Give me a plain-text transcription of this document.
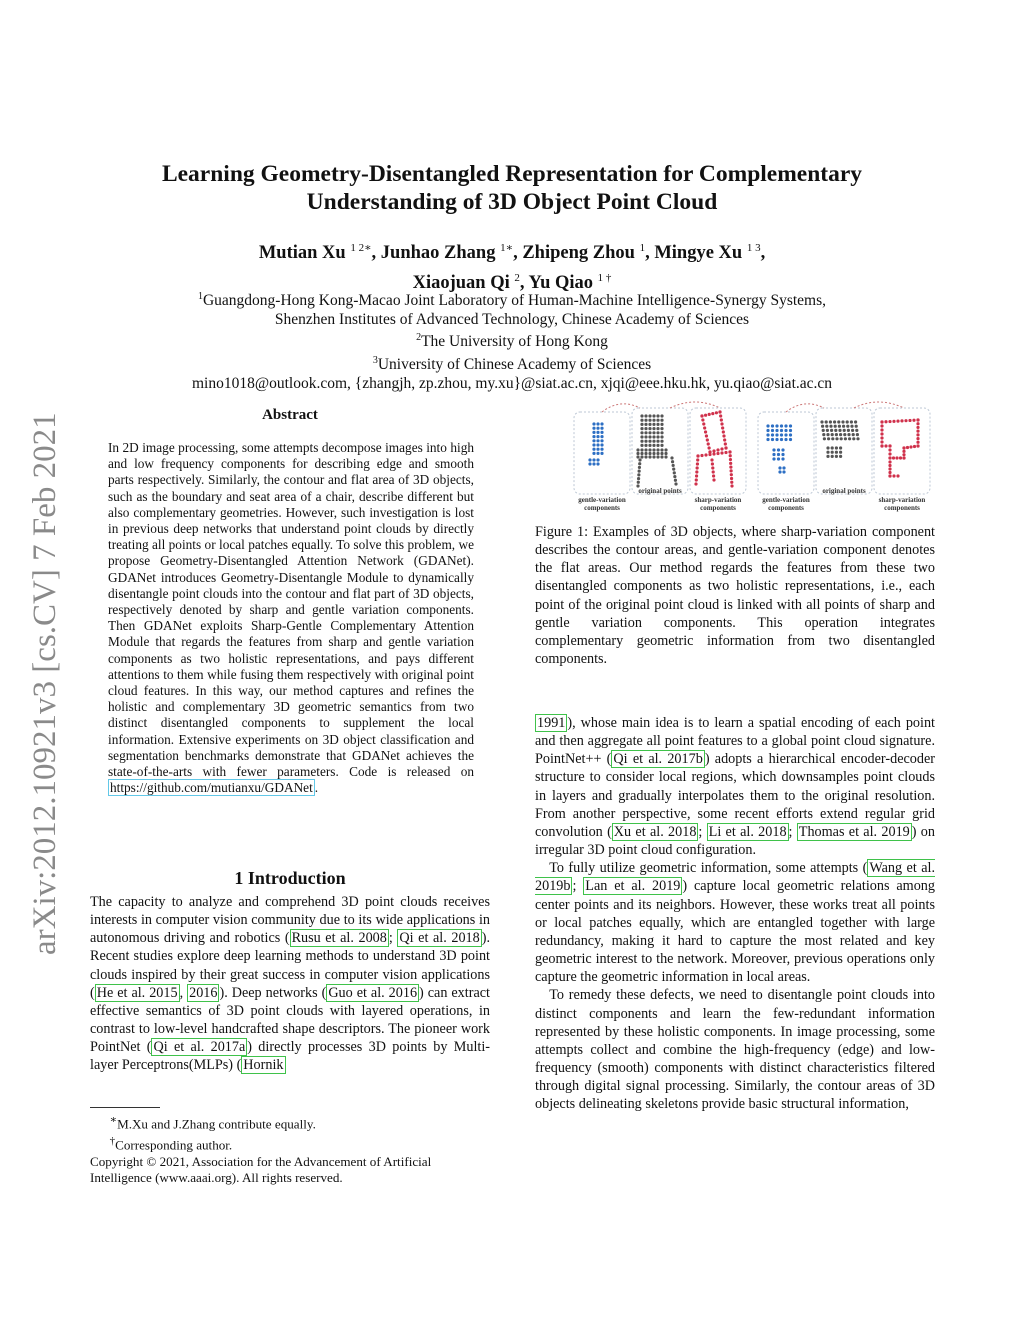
arXiv:2012.10921v3 [cs.CV] 7 Feb 2021
Learning Geometry-Disentangled Representation for Complementary
Understanding of 3D Object Point Cloud
Mutian Xu $^{1 2∗}$, Junhao Zhang $^{1∗}$, Zhipeng Zhou $^1$, Mingye Xu $^{1 3}$,
Xiaojuan Qi $^2$, Yu Qiao $^{1 \dagger}$
$^1$Guangdong-Hong Kong-Macao Joint Laboratory of Human-Machine Intelligence-Synergy Systems,
Shenzhen Institutes of Advanced Technology, Chinese Academy of Sciences
$^2$The University of Hong Kong
$^3$University of Chinese Academy of Sciences
mino1018@outlook.com, {zhangjh, zp.zhou, my.xu}@siat.ac.cn, xjqi@eee.hku.hk, yu.qiao@siat.ac.cn
Abstract
In 2D image processing, some attempts decompose images into high and low frequency components for describing edge and smooth parts respectively. Similarly, the contour and flat area of 3D objects, such as the boundary and seat area of a chair, describe different but also complementary geometries. However, such investigation is lost in previous deep networks that understand point clouds by directly treating all points or local patches equally. To solve this problem, we propose Geometry-Disentangled Attention Network (GDANet). GDANet introduces Geometry-Disentangle Module to dynamically disentangle point clouds into the contour and flat part of 3D objects, respectively denoted by sharp and gentle variation components. Then GDANet exploits Sharp-Gentle Complementary Attention Module that regards the features from sharp and gentle variation components as two holistic representations, and pays different attentions to them while fusing them respectively with original point cloud features. In this way, our method captures and refines the holistic and complementary 3D geometric semantics from two distinct disentangled components to supplement the local information. Extensive experiments on 3D object classification and segmentation benchmarks demonstrate that GDANet achieves the state-of-the-arts with fewer parameters. Code is released on https://github.com/mutianxu/GDANet .
1 Introduction
The capacity to analyze and comprehend 3D point clouds receives interests in computer vision community due to its wide applications in autonomous driving and robotics ( Rusu et al. 2008 ; Qi et al. 2018 ). Recent studies explore deep learning methods to understand 3D point clouds inspired by their great success in computer vision applications ( He et al. 2015 , 2016 ). Deep networks ( Guo et al. 2016 ) can extract effective semantics of 3D point clouds with layered operations, in contrast to low-level handcrafted shape descriptors. The pioneer work PointNet ( Qi et al. 2017a ) directly processes 3D points by Multi-layer Perceptrons(MLPs) ( Hornik

∗M.Xu and J.Zhang contribute equally.

†Corresponding author.

Copyright © 2021, Association for the Advancement of Artificial Intelligence (www.aaai.org). All rights reserved.

gentle-variation
components
original points
sharp-variation
components
gentle-variation
components
original points
sharp-variation
components
Figure 1: Examples of 3D objects, where sharp-variation component describes the contour areas, and gentle-variation component denotes the flat areas. Our method regards the features from these two disentangled components as two holistic representations, i.e., each point of the original point cloud is linked with all points of sharp and gentle variation components. This operation integrates complementary geometric information from two disentangled components.

1991 ), whose main idea is to learn a spatial encoding of each point and then aggregate all point features to a global point cloud signature. PointNet++ ( Qi et al. 2017b ) adopts a hierarchical encoder-decoder structure to consider local regions, which downsamples point clouds in layers and gradually interpolates them to the original resolution. From another perspective, some recent efforts extend regular grid convolution ( Xu et al. 2018 ; Li et al. 2018 ; Thomas et al. 2019 ) on irregular 3D point cloud configuration.

To fully utilize geometric information, some attempts ( Wang et al. 2019b ; Lan et al. 2019 ) capture local geometric relations among center points and its neighbors. However, these works treat all points or local patches equally, which are entangled together with large redundancy, making it hard to capture the most related and key geometric interest to the network. Moreover, previous operations only capture the geometric information in local areas.

To remedy these defects, we need to disentangle point clouds into distinct components and learn the few-redundant information represented by these holistic components. In image processing, some attempts collect and combine the high-frequency (edge) and low-frequency (smooth) components with distinct characteristics filtered through digital signal processing. Similarly, the contour areas of 3D objects delineating skeletons provide basic structural information,
